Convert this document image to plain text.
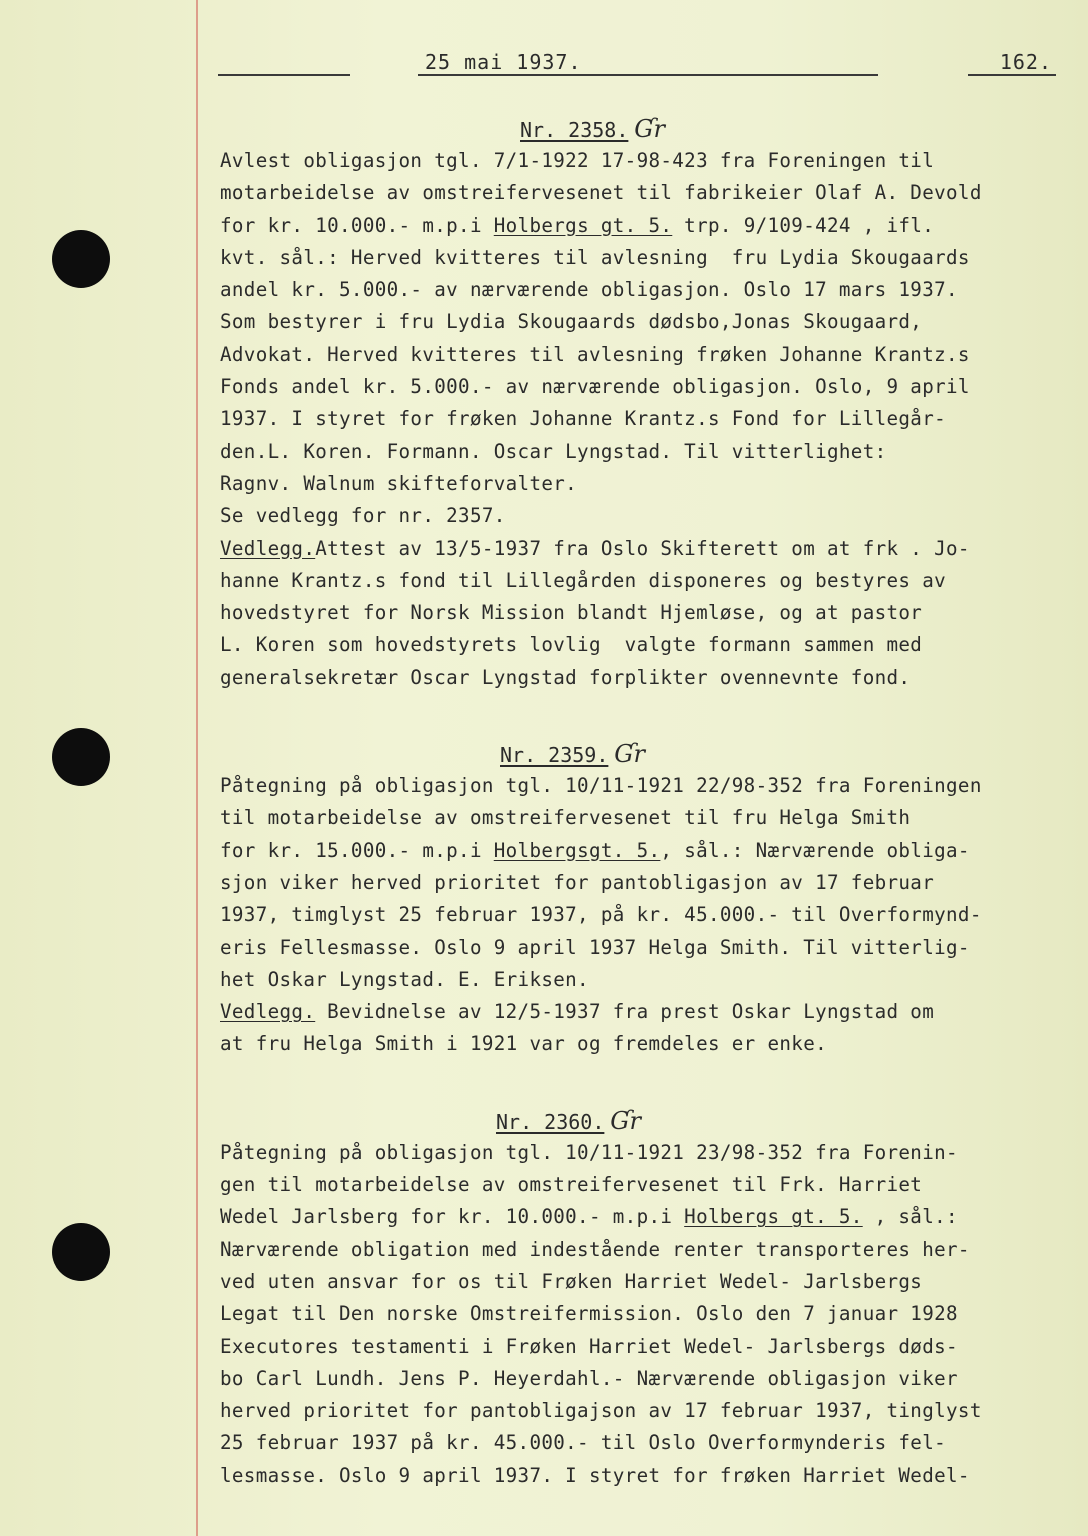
25 mai 1937.	162.
Nr. 2358. Ɠr
Avlest obligasjon tgl. 7/1-1922 17-98-423 fra Foreningen til
motarbeidelse av omstreifervesenet til fabrikeier Olaf A. Devold
for kr. 10.000.- m.p.i Holbergs gt. 5. trp. 9/109-424 , ifl.
kvt. sål.: Herved kvitteres til avlesning  fru Lydia Skougaards
andel kr. 5.000.- av nærværende obligasjon. Oslo 17 mars 1937.
Som bestyrer i fru Lydia Skougaards dødsbo,Jonas Skougaard,
Advokat. Herved kvitteres til avlesning frøken Johanne Krantz.s
Fonds andel kr. 5.000.- av nærværende obligasjon. Oslo, 9 april
1937. I styret for frøken Johanne Krantz.s Fond for Lillegår-
den.L. Koren. Formann. Oscar Lyngstad. Til vitterlighet:
Ragnv. Walnum skifteforvalter.
Se vedlegg for nr. 2357.
Vedlegg.Attest av 13/5-1937 fra Oslo Skifterett om at frk . Jo-
hanne Krantz.s fond til Lillegården disponeres og bestyres av
hovedstyret for Norsk Mission blandt Hjemløse, og at pastor
L. Koren som hovedstyrets lovlig  valgte formann sammen med
generalsekretær Oscar Lyngstad forplikter ovennevnte fond.
Nr. 2359. Ɠr
Påtegning på obligasjon tgl. 10/11-1921 22/98-352 fra Foreningen
til motarbeidelse av omstreifervesenet til fru Helga Smith
for kr. 15.000.- m.p.i Holbergsgt. 5., sål.: Nærværende obliga-
sjon viker herved prioritet for pantobligasjon av 17 februar
1937, timglyst 25 februar 1937, på kr. 45.000.- til Overformynd-
eris Fellesmasse. Oslo 9 april 1937 Helga Smith. Til vitterlig-
het Oskar Lyngstad. E. Eriksen.
Vedlegg. Bevidnelse av 12/5-1937 fra prest Oskar Lyngstad om
at fru Helga Smith i 1921 var og fremdeles er enke.
Nr. 2360. Ɠr
Påtegning på obligasjon tgl. 10/11-1921 23/98-352 fra Forenin-
gen til motarbeidelse av omstreifervesenet til Frk. Harriet
Wedel Jarlsberg for kr. 10.000.- m.p.i Holbergs gt. 5. , sål.:
Nærværende obligation med indestående renter transporteres her-
ved uten ansvar for os til Frøken Harriet Wedel- Jarlsbergs
Legat til Den norske Omstreifermission. Oslo den 7 januar 1928
Executores testamenti i Frøken Harriet Wedel- Jarlsbergs døds-
bo Carl Lundh. Jens P. Heyerdahl.- Nærværende obligasjon viker
herved prioritet for pantobligajson av 17 februar 1937, tinglyst
25 februar 1937 på kr. 45.000.- til Oslo Overformynderis fel-
lesmasse. Oslo 9 april 1937. I styret for frøken Harriet Wedel-
